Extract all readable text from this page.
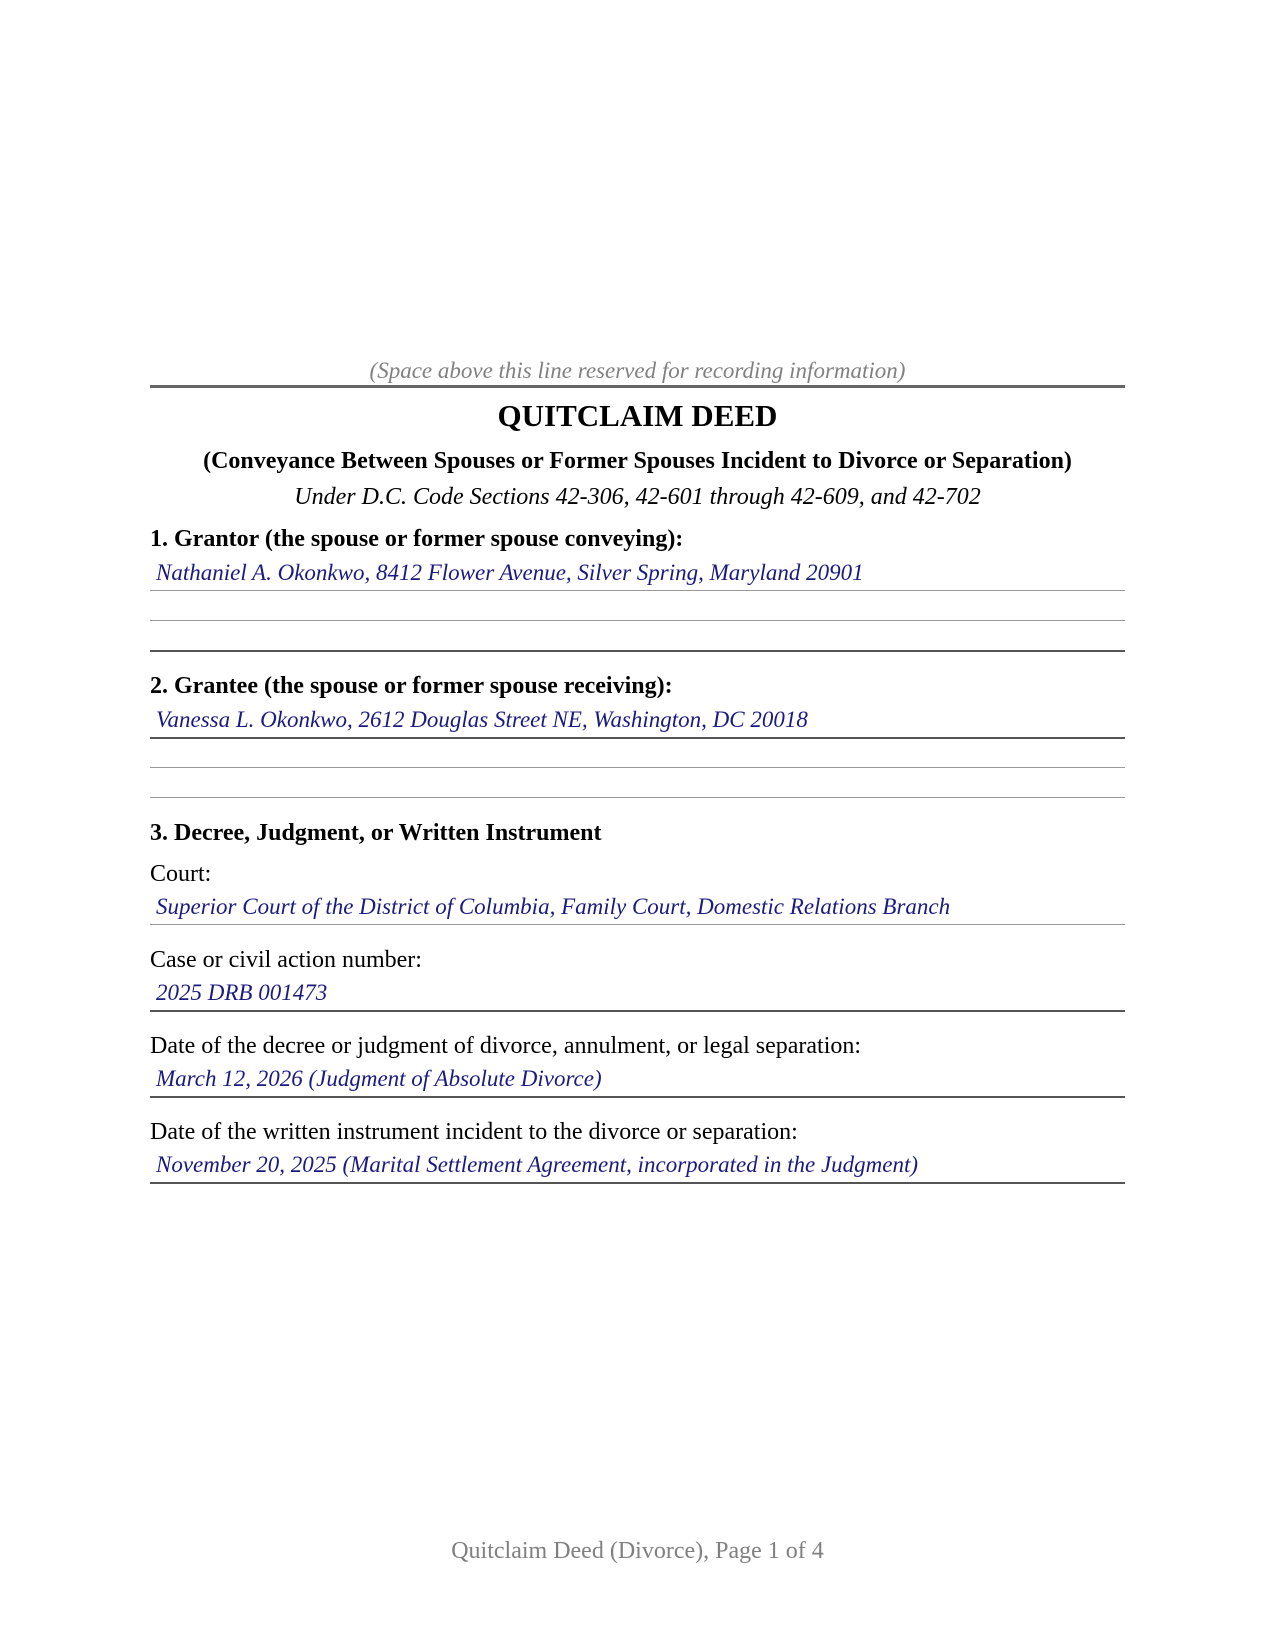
(Space above this line reserved for recording information)
QUITCLAIM DEED
(Conveyance Between Spouses or Former Spouses Incident to Divorce or Separation)
Under D.C. Code Sections 42-306, 42-601 through 42-609, and 42-702
1. Grantor (the spouse or former spouse conveying):
Nathaniel A. Okonkwo, 8412 Flower Avenue, Silver Spring, Maryland 20901
2. Grantee (the spouse or former spouse receiving):
Vanessa L. Okonkwo, 2612 Douglas Street NE, Washington, DC 20018
3. Decree, Judgment, or Written Instrument
Court:
Superior Court of the District of Columbia, Family Court, Domestic Relations Branch
Case or civil action number:
2025 DRB 001473
Date of the decree or judgment of divorce, annulment, or legal separation:
March 12, 2026 (Judgment of Absolute Divorce)
Date of the written instrument incident to the divorce or separation:
November 20, 2025 (Marital Settlement Agreement, incorporated in the Judgment)
Quitclaim Deed (Divorce), Page 1 of 4
